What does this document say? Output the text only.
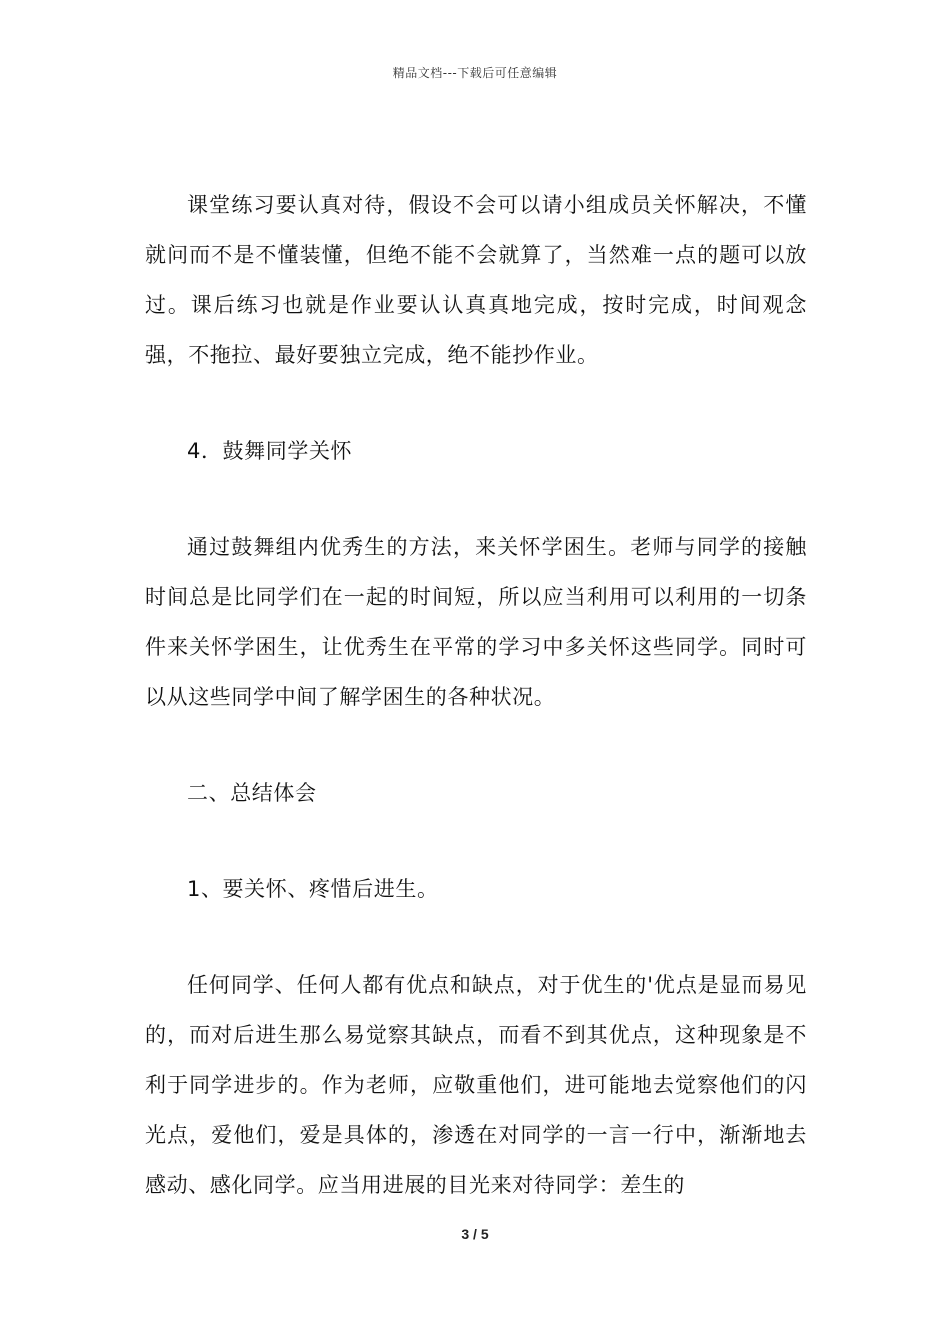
精品文档---下载后可任意编辑

课堂练习要认真对待，假设不会可以请小组成员关怀解决，不懂就问而不是不懂装懂，但绝不能不会就算了，当然难一点的题可以放过。课后练习也就是作业要认认真真地完成，按时完成，时间观念强，不拖拉、最好要独立完成，绝不能抄作业。

4．鼓舞同学关怀

通过鼓舞组内优秀生的方法，来关怀学困生。老师与同学的接触时间总是比同学们在一起的时间短，所以应当利用可以利用的一切条件来关怀学困生，让优秀生在平常的学习中多关怀这些同学。同时可以从这些同学中间了解学困生的各种状况。

二、总结体会

1、要关怀、疼惜后进生。

任何同学、任何人都有优点和缺点，对于优生的'优点是显而易见的，而对后进生那么易觉察其缺点，而看不到其优点，这种现象是不利于同学进步的。作为老师，应敬重他们，进可能地去觉察他们的闪光点，爱他们，爱是具体的，渗透在对同学的一言一行中，渐渐地去感动、感化同学。应当用进展的目光来对待同学：差生的

3 / 5
